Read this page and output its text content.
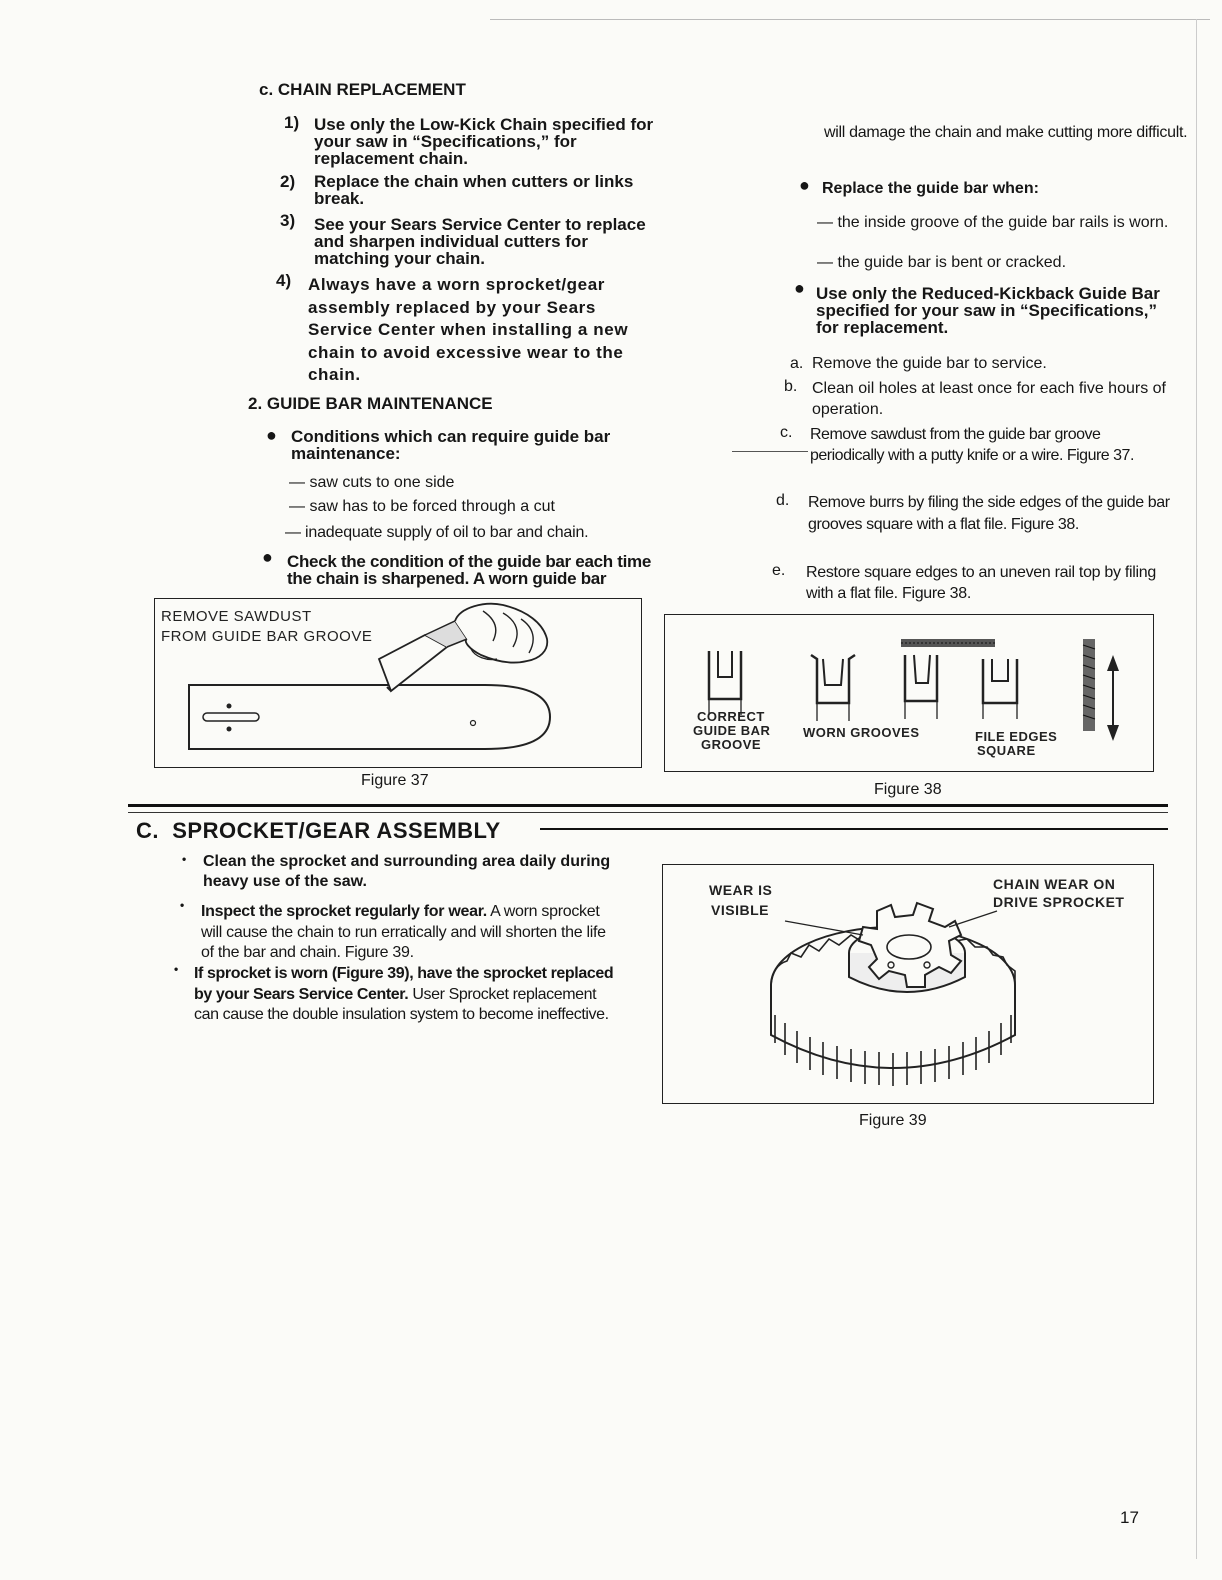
c. CHAIN REPLACEMENT
1) Use only the Low-Kick Chain specified for your saw in “Specifications,” for replacement chain.
2) Replace the chain when cutters or links break.
3) See your Sears Service Center to replace and sharpen individual cutters for matching your chain.
4) Always have a worn sprocket/gear assembly replaced by your Sears Service Center when installing a new chain to avoid excessive wear to the chain.
2. GUIDE BAR MAINTENANCE
● Conditions which can require guide bar maintenance:
— saw cuts to one side
— saw has to be forced through a cut
— inadequate supply of oil to bar and chain.
● Check the condition of the guide bar each time the chain is sharpened. A worn guide bar
will damage the chain and make cutting more difficult.
● Replace the guide bar when:
— the inside groove of the guide bar rails is worn.
— the guide bar is bent or cracked.
● Use only the Reduced-Kickback Guide Bar specified for your saw in “Specifications,” for replacement.
a. Remove the guide bar to service.
b. Clean oil holes at least once for each five hours of operation.
c. Remove sawdust from the guide bar groove periodically with a putty knife or a wire. Figure 37.
d. Remove burrs by filing the side edges of the guide bar grooves square with a flat file. Figure 38.
e. Restore square edges to an uneven rail top by filing with a flat file. Figure 38.
REMOVE SAWDUST
FROM GUIDE BAR GROOVE
Figure 37
CORRECT
GUIDE BAR
GROOVE
WORN GROOVES	FILE EDGES
SQUARE
Figure 38
C.  SPROCKET/GEAR ASSEMBLY
• Clean the sprocket and surrounding area daily during heavy use of the saw.
• Inspect the sprocket regularly for wear. A worn sprocket will cause the chain to run erratically and will shorten the life of the bar and chain. Figure 39.
• If sprocket is worn (Figure 39), have the sprocket replaced by your Sears Service Center. User Sprocket replacement can cause the double insulation system to become ineffective.
WEAR IS
VISIBLE
CHAIN WEAR ON
DRIVE SPROCKET
Figure 39
17
